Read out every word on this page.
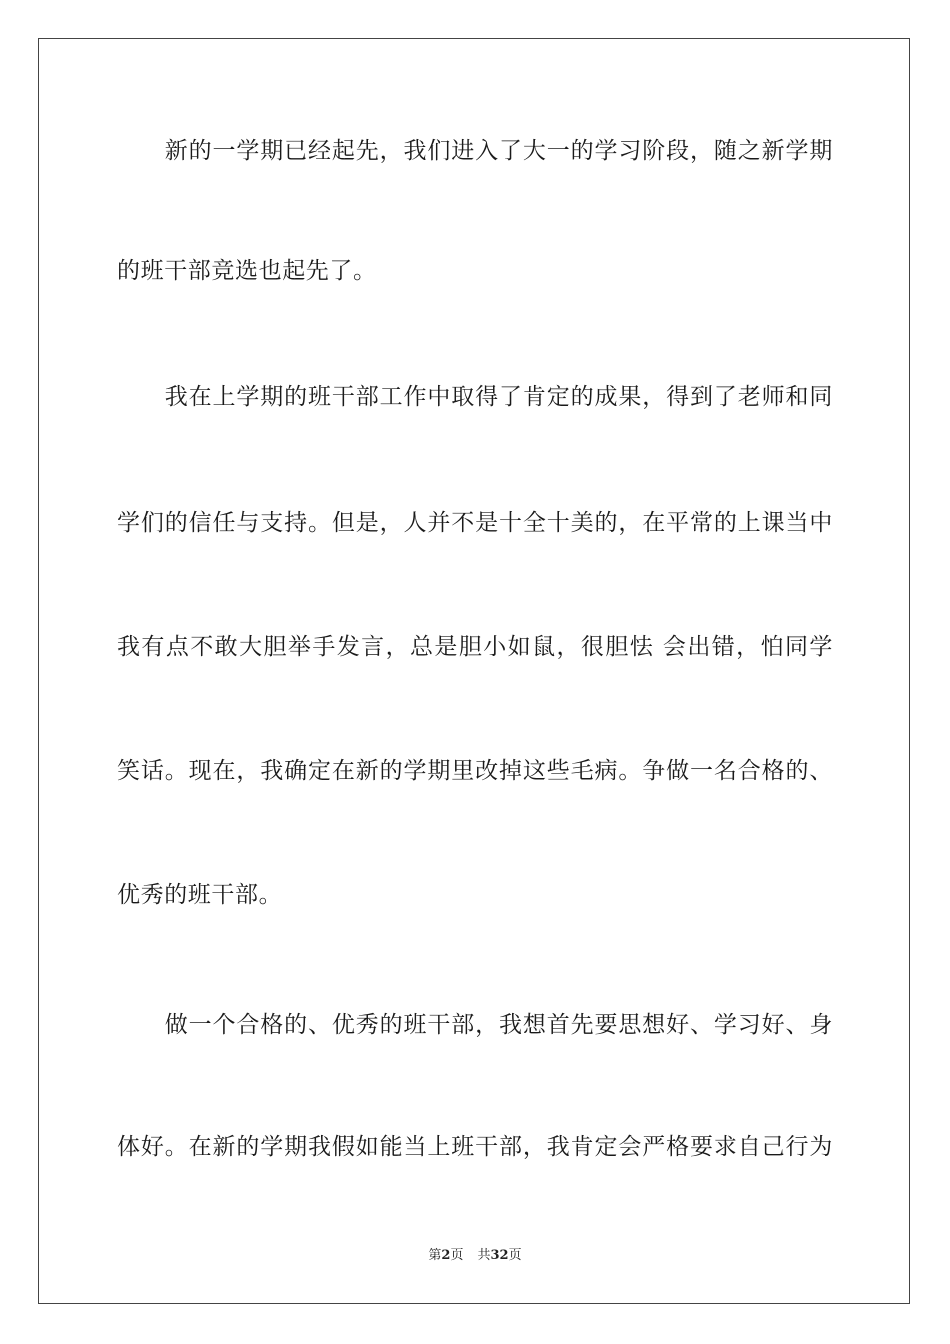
　　新的一学期已经起先，我们进入了大一的学习阶段，随之新学期
的班干部竞选也起先了。
　　我在上学期的班干部工作中取得了肯定的成果，得到了老师和同
学们的信任与支持。但是，人并不是十全十美的，在平常的上课当中
我有点不敢大胆举手发言，总是胆小如鼠，很胆怯 会出错，怕同学
笑话。现在，我确定在新的学期里改掉这些毛病。争做一名合格的、
优秀的班干部。
　　做一个合格的、优秀的班干部，我想首先要思想好、学习好、身
体好。在新的学期我假如能当上班干部，我肯定会严格要求自己行为
第2页 共32页
